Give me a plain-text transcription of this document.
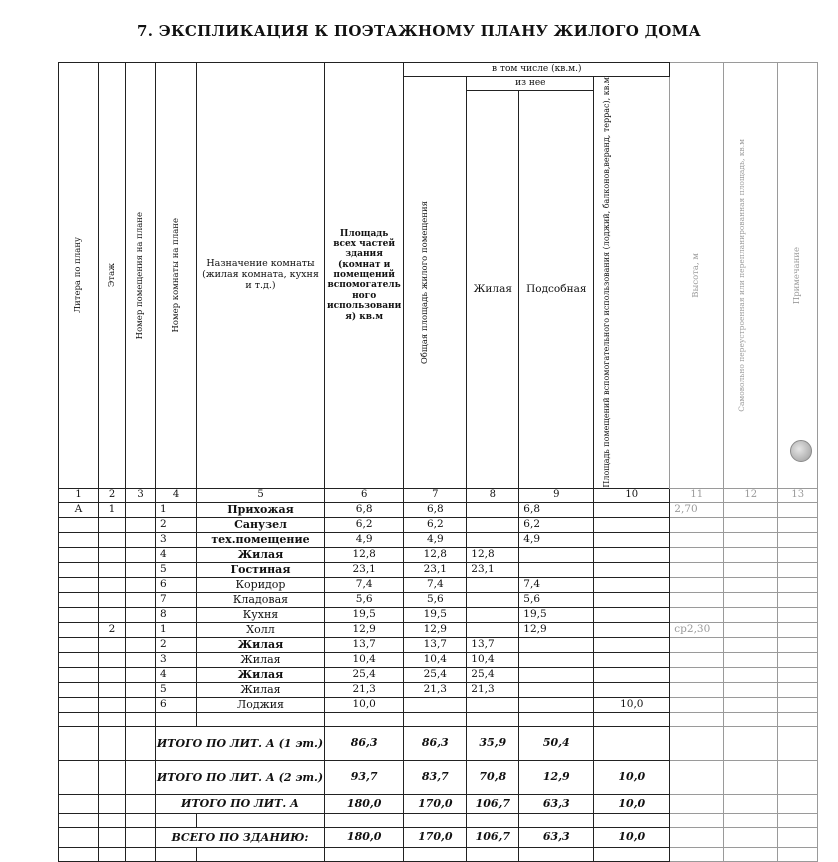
7. ЭКСПЛИКАЦИЯ К ПОЭТАЖНОМУ ПЛАНУ ЖИЛОГО ДОМА
Литера по плану	Этаж	Номер помещения на плане	Номер комнаты на плане	Назначение комнаты (жилая комната, кухня и т.д.)	Площадь всех частей здания (комнат и помещений вспомогатель ного использовани я) кв.м	в том числе (кв.м.)				Высота, м	Самовольно переустроенная или перепланированная площадь, кв.м	Примечание

						Общая площадь жилого помещения	из нее		Площадь помещений вспомогательного использования (лоджий, балконов,веранд, террас), кв.м			

							Жилая	Подсобная				

1	2	3	4	5	6	7	8	9	10	11	12	13
А	1		1	Прихожая	6,8	6,8		6,8		2,70		
			2	Санузел	6,2	6,2		6,2				
			3	тех.помещение	4,9	4,9		4,9				
			4	Жилая	12,8	12,8	12,8					
			5	Гостиная	23,1	23,1	23,1					
			6	Коридор	7,4	7,4		7,4				
			7	Кладовая	5,6	5,6		5,6				
			8	Кухня	19,5	19,5		19,5				
	2		1	Холл	12,9	12,9		12,9		ср2,30		
			2	Жилая	13,7	13,7	13,7					
			3	Жилая	10,4	10,4	10,4					
			4	Жилая	25,4	25,4	25,4					
			5	Жилая	21,3	21,3	21,3					
			6	Лоджия	10,0				10,0			

			ИТОГО ПО ЛИТ. А (1 эт.)		86,3	86,3	35,9	50,4				
			ИТОГО ПО ЛИТ. А (2 эт.)		93,7	83,7	70,8	12,9	10,0			
			ИТОГО ПО ЛИТ. А		180,0	170,0	106,7	63,3	10,0			

			ВСЕГО ПО ЗДАНИЮ:		180,0	170,0	106,7	63,3	10,0			
